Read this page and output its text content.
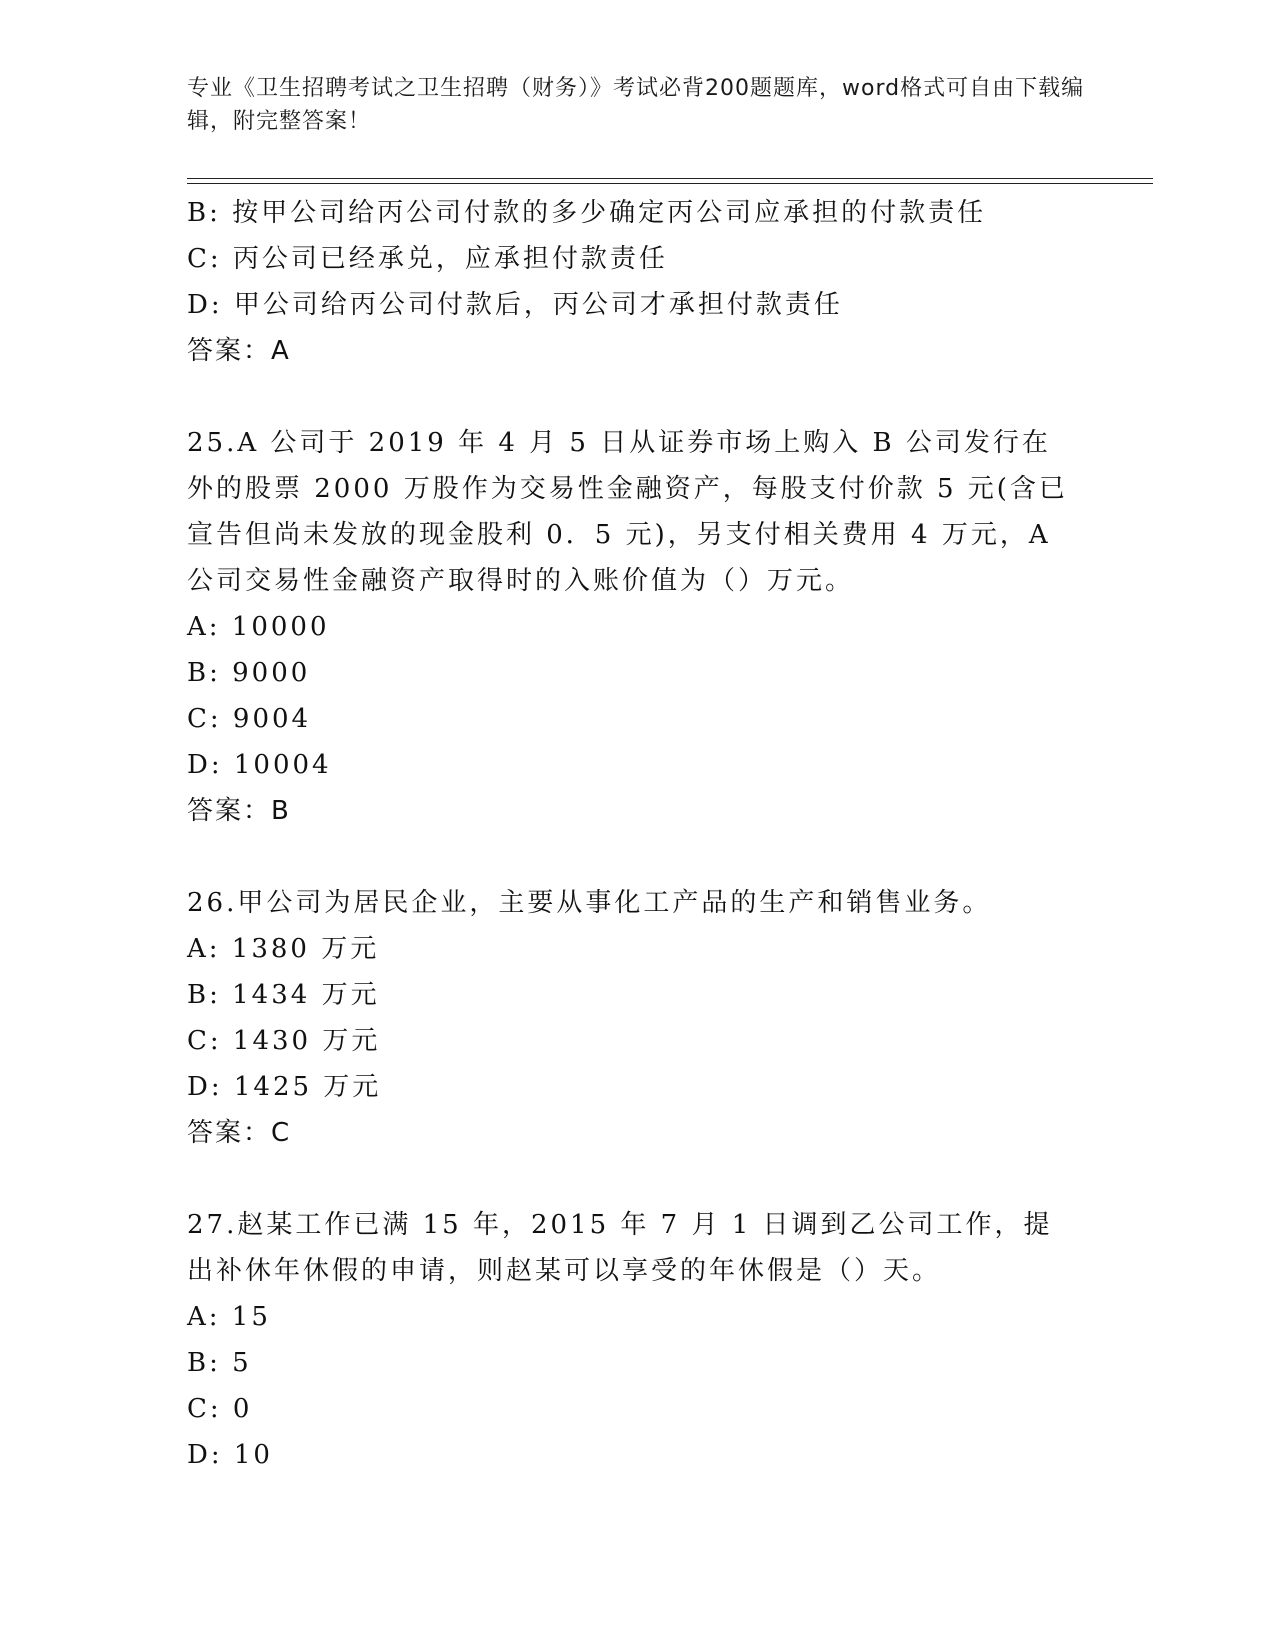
专业《卫生招聘考试之卫生招聘（财务）》考试必背200题题库，word格式可自由下载编辑，附完整答案！
B: 按甲公司给丙公司付款的多少确定丙公司应承担的付款责任
C: 丙公司已经承兑，应承担付款责任
D: 甲公司给丙公司付款后，丙公司才承担付款责任
答案：A
25.A 公司于 2019 年 4 月 5 日从证券市场上购入 B 公司发行在外的股票 2000 万股作为交易性金融资产，每股支付价款 5 元(含已宣告但尚未发放的现金股利 0．5 元)，另支付相关费用 4 万元，A 公司交易性金融资产取得时的入账价值为（）万元。
A: 10000
B: 9000
C: 9004
D: 10004
答案：B
26.甲公司为居民企业，主要从事化工产品的生产和销售业务。
A: 1380 万元
B: 1434 万元
C: 1430 万元
D: 1425 万元
答案：C
27.赵某工作已满 15 年，2015 年 7 月 1 日调到乙公司工作，提出补休年休假的申请，则赵某可以享受的年休假是（）天。
A: 15
B: 5
C: 0
D: 10
